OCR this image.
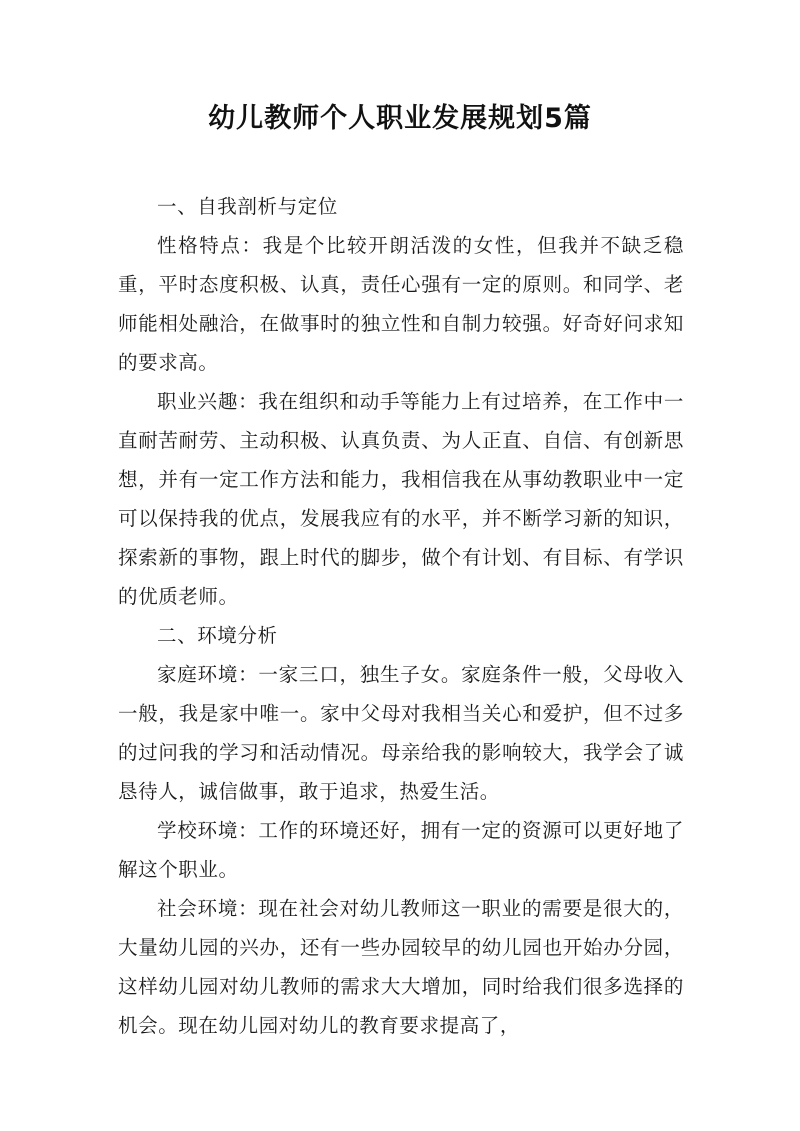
幼儿教师个人职业发展规划5篇

一、自我剖析与定位

性格特点：我是个比较开朗活泼的女性，但我并不缺乏稳重，平时态度积极、认真，责任心强有一定的原则。和同学、老师能相处融洽，在做事时的独立性和自制力较强。好奇好问求知的要求高。

职业兴趣：我在组织和动手等能力上有过培养，在工作中一直耐苦耐劳、主动积极、认真负责、为人正直、自信、有创新思想，并有一定工作方法和能力，我相信我在从事幼教职业中一定可以保持我的优点，发展我应有的水平，并不断学习新的知识，探索新的事物，跟上时代的脚步，做个有计划、有目标、有学识的优质老师。

二、环境分析

家庭环境：一家三口，独生子女。家庭条件一般，父母收入一般，我是家中唯一。家中父母对我相当关心和爱护，但不过多的过问我的学习和活动情况。母亲给我的影响较大，我学会了诚恳待人，诚信做事，敢于追求，热爱生活。

学校环境：工作的环境还好，拥有一定的资源可以更好地了解这个职业。

社会环境：现在社会对幼儿教师这一职业的需要是很大的，大量幼儿园的兴办，还有一些办园较早的幼儿园也开始办分园，这样幼儿园对幼儿教师的需求大大增加，同时给我们很多选择的机会。现在幼儿园对幼儿的教育要求提高了，
